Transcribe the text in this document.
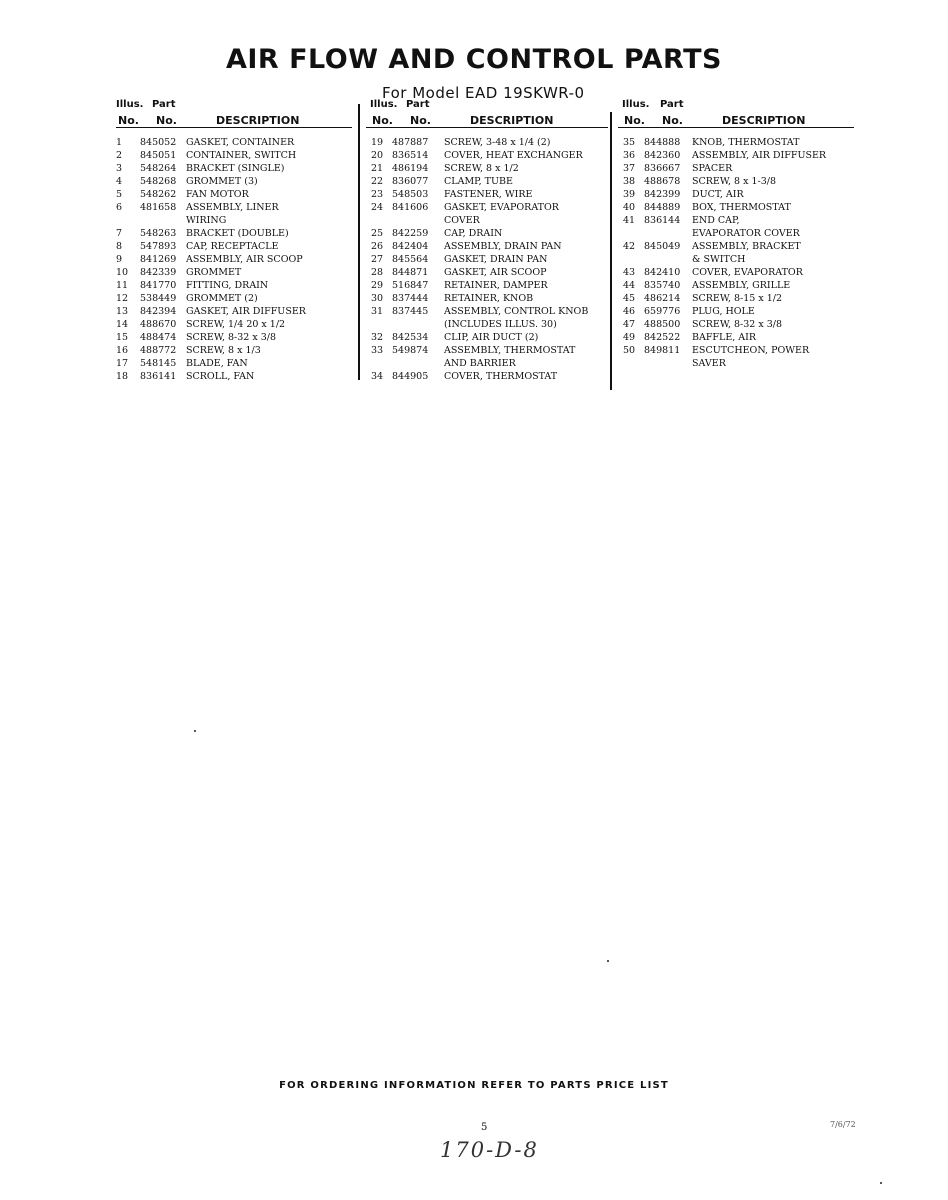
AIR FLOW AND CONTROL PARTS
For Model EAD 19SKWR-0
Illus. Part
No. No.	DESCRIPTION
1	845052	GASKET, CONTAINER
2	845051	CONTAINER, SWITCH
3	548264	BRACKET (SINGLE)
4	548268	GROMMET (3)
5	548262	FAN MOTOR
6	481658	ASSEMBLY, LINER
WIRING
7	548263	BRACKET (DOUBLE)
8	547893	CAP, RECEPTACLE
9	841269	ASSEMBLY, AIR SCOOP
10	842339	GROMMET
11	841770	FITTING, DRAIN
12	538449	GROMMET (2)
13	842394	GASKET, AIR DIFFUSER
14	488670	SCREW, 1/4 20 x 1/2
15	488474	SCREW, 8-32 x 3/8
16	488772	SCREW, 8 x 1/3
17	548145	BLADE, FAN
18	836141	SCROLL, FAN
Illus. Part
No. No.	DESCRIPTION
19 487887	SCREW, 3-48 x 1/4 (2)
20 836514	COVER, HEAT EXCHANGER
21 486194	SCREW, 8 x 1/2
22 836077	CLAMP, TUBE
23 548503	FASTENER, WIRE
24 841606	GASKET, EVAPORATOR
COVER
25 842259	CAP, DRAIN
26 842404	ASSEMBLY, DRAIN PAN
27 845564	GASKET, DRAIN PAN
28 844871	GASKET, AIR SCOOP
29 516847	RETAINER, DAMPER
30 837444	RETAINER, KNOB
31 837445	ASSEMBLY, CONTROL KNOB
(INCLUDES ILLUS. 30)
32 842534	CLIP, AIR DUCT (2)
33 549874	ASSEMBLY, THERMOSTAT
AND BARRIER
34 844905	COVER, THERMOSTAT
Illus. Part
No. No.	DESCRIPTION
35 844888	KNOB, THERMOSTAT
36 842360	ASSEMBLY, AIR DIFFUSER
37 836667	SPACER
38 488678	SCREW, 8 x 1-3/8
39 842399	DUCT, AIR
40 844889	BOX, THERMOSTAT
41 836144	END CAP,
EVAPORATOR COVER
42 845049	ASSEMBLY, BRACKET
& SWITCH
43 842410	COVER, EVAPORATOR
44 835740	ASSEMBLY, GRILLE
45 486214	SCREW, 8-15 x 1/2
46 659776	PLUG, HOLE
47 488500	SCREW, 8-32 x 3/8
49 842522	BAFFLE, AIR
50 849811	ESCUTCHEON, POWER
SAVER
FOR ORDERING INFORMATION REFER TO PARTS PRICE LIST
5	7/6/72
170-D-8
